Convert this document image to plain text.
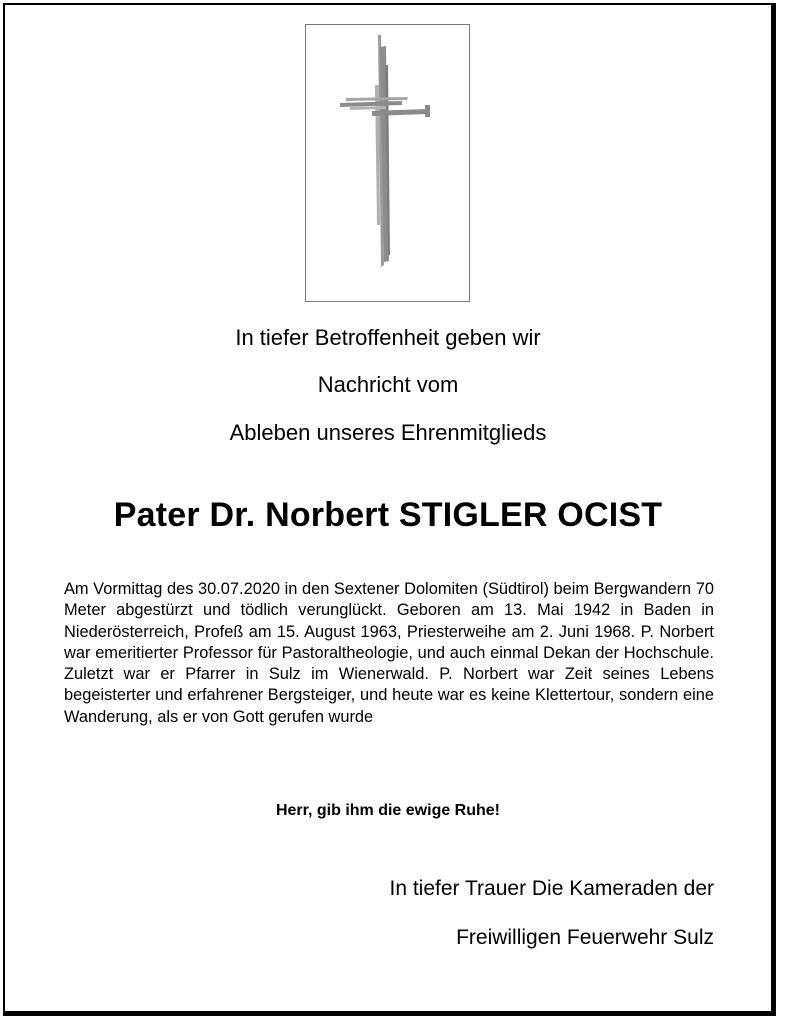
In tiefer Betroffenheit geben wir
Nachricht vom
Ableben unseres Ehrenmitglieds
Pater Dr. Norbert STIGLER OCIST
Am Vormittag des 30.07.2020 in den Sextener Dolomiten (Südtirol) beim Bergwandern 70 Meter abgestürzt und tödlich verunglückt. Geboren am 13. Mai 1942 in Baden in Niederösterreich, Profeß am 15. August 1963, Priesterweihe am 2. Juni 1968. P. Norbert war emeritierter Professor für Pastoraltheologie, und auch einmal Dekan der Hochschule. Zuletzt war er Pfarrer in Sulz im Wienerwald. P. Norbert war Zeit seines Lebens begeisterter und erfahrener Bergsteiger, und heute war es keine Klettertour, sondern eine Wanderung, als er von Gott gerufen wurde
Herr, gib ihm die ewige Ruhe!
In tiefer Trauer Die Kameraden der
Freiwilligen Feuerwehr Sulz
